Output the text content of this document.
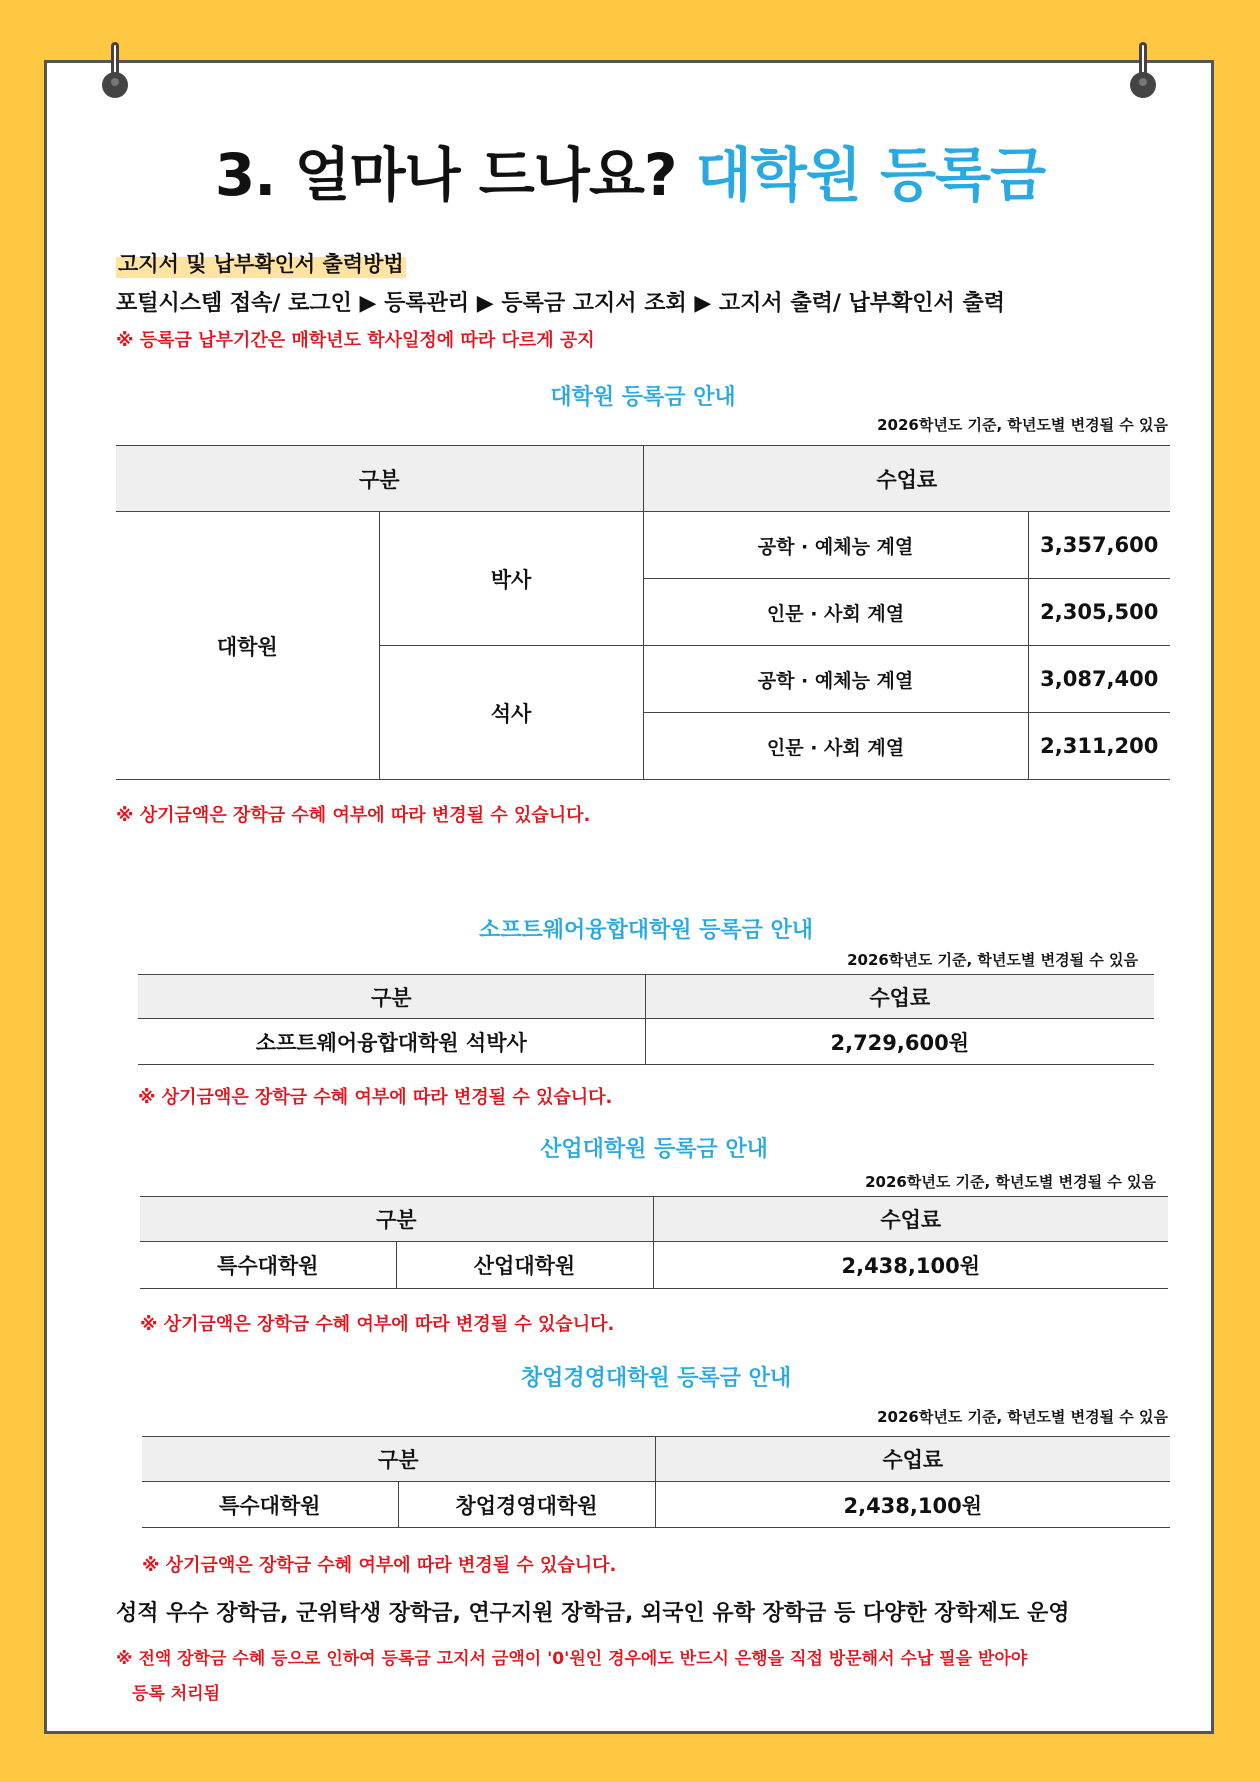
3. 얼마나 드나요? 대학원 등록금
고지서 및 납부확인서 출력방법
포털시스템 접속/ 로그인 ▶ 등록관리 ▶ 등록금 고지서 조회 ▶ 고지서 출력/ 납부확인서 출력
※ 등록금 납부기간은 매학년도 학사일정에 따라 다르게 공지
대학원 등록금 안내
2026학년도 기준, 학년도별 변경될 수 있음
구분		수업료	
대학원	박사	공학 · 예체능 계열	3,357,600
		인문 · 사회 계열	2,305,500
	석사	공학 · 예체능 계열	3,087,400
		인문 · 사회 계열	2,311,200
※ 상기금액은 장학금 수혜 여부에 따라 변경될 수 있습니다.
소프트웨어융합대학원 등록금 안내
2026학년도 기준, 학년도별 변경될 수 있음
구분	수업료
소프트웨어융합대학원 석박사	2,729,600원
※ 상기금액은 장학금 수혜 여부에 따라 변경될 수 있습니다.
산업대학원 등록금 안내
2026학년도 기준, 학년도별 변경될 수 있음
구분		수업료
특수대학원	산업대학원	2,438,100원
※ 상기금액은 장학금 수혜 여부에 따라 변경될 수 있습니다.
창업경영대학원 등록금 안내
2026학년도 기준, 학년도별 변경될 수 있음
구분		수업료
특수대학원	창업경영대학원	2,438,100원
※ 상기금액은 장학금 수혜 여부에 따라 변경될 수 있습니다.
성적 우수 장학금, 군위탁생 장학금, 연구지원 장학금, 외국인 유학 장학금 등 다양한 장학제도 운영
※ 전액 장학금 수혜 등으로 인하여 등록금 고지서 금액이 '0'원인 경우에도 반드시 은행을 직접 방문해서 수납 필을 받아야
등록 처리됨
